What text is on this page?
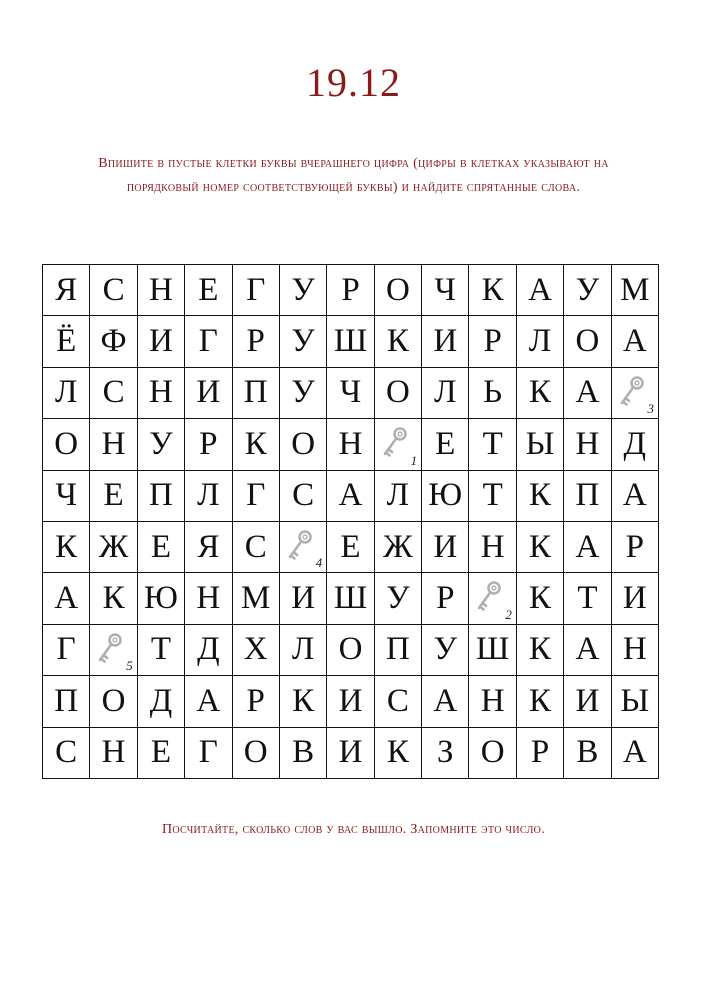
19.12
Впишите в пустые клетки буквы вчерашнего цифра (цифры в клетках указывают на порядковый номер соответствующей буквы) и найдите спрятанные слова.
Я С Н Е Г У Р О Ч К А У М
Ё Ф И Г Р У Ш К И Р Л О А
Л С Н И П У Ч О Л Ь К А	3
О Н У Р К О Н	1 Е Т Ы Н Д
Ч Е П Л Г С А Л Ю Т К П А
К Ж Е Я С	4 Е Ж И Н К А Р
А К Ю Н М И Ш У Р	2 К Т И
Г	5 Т Д Х Л О П У Ш К А Н
П О Д А Р К И С А Н К И Ы
С Н Е Г О В И К З О Р В А
Посчитайте, сколько слов у вас вышло. Запомните это число.
